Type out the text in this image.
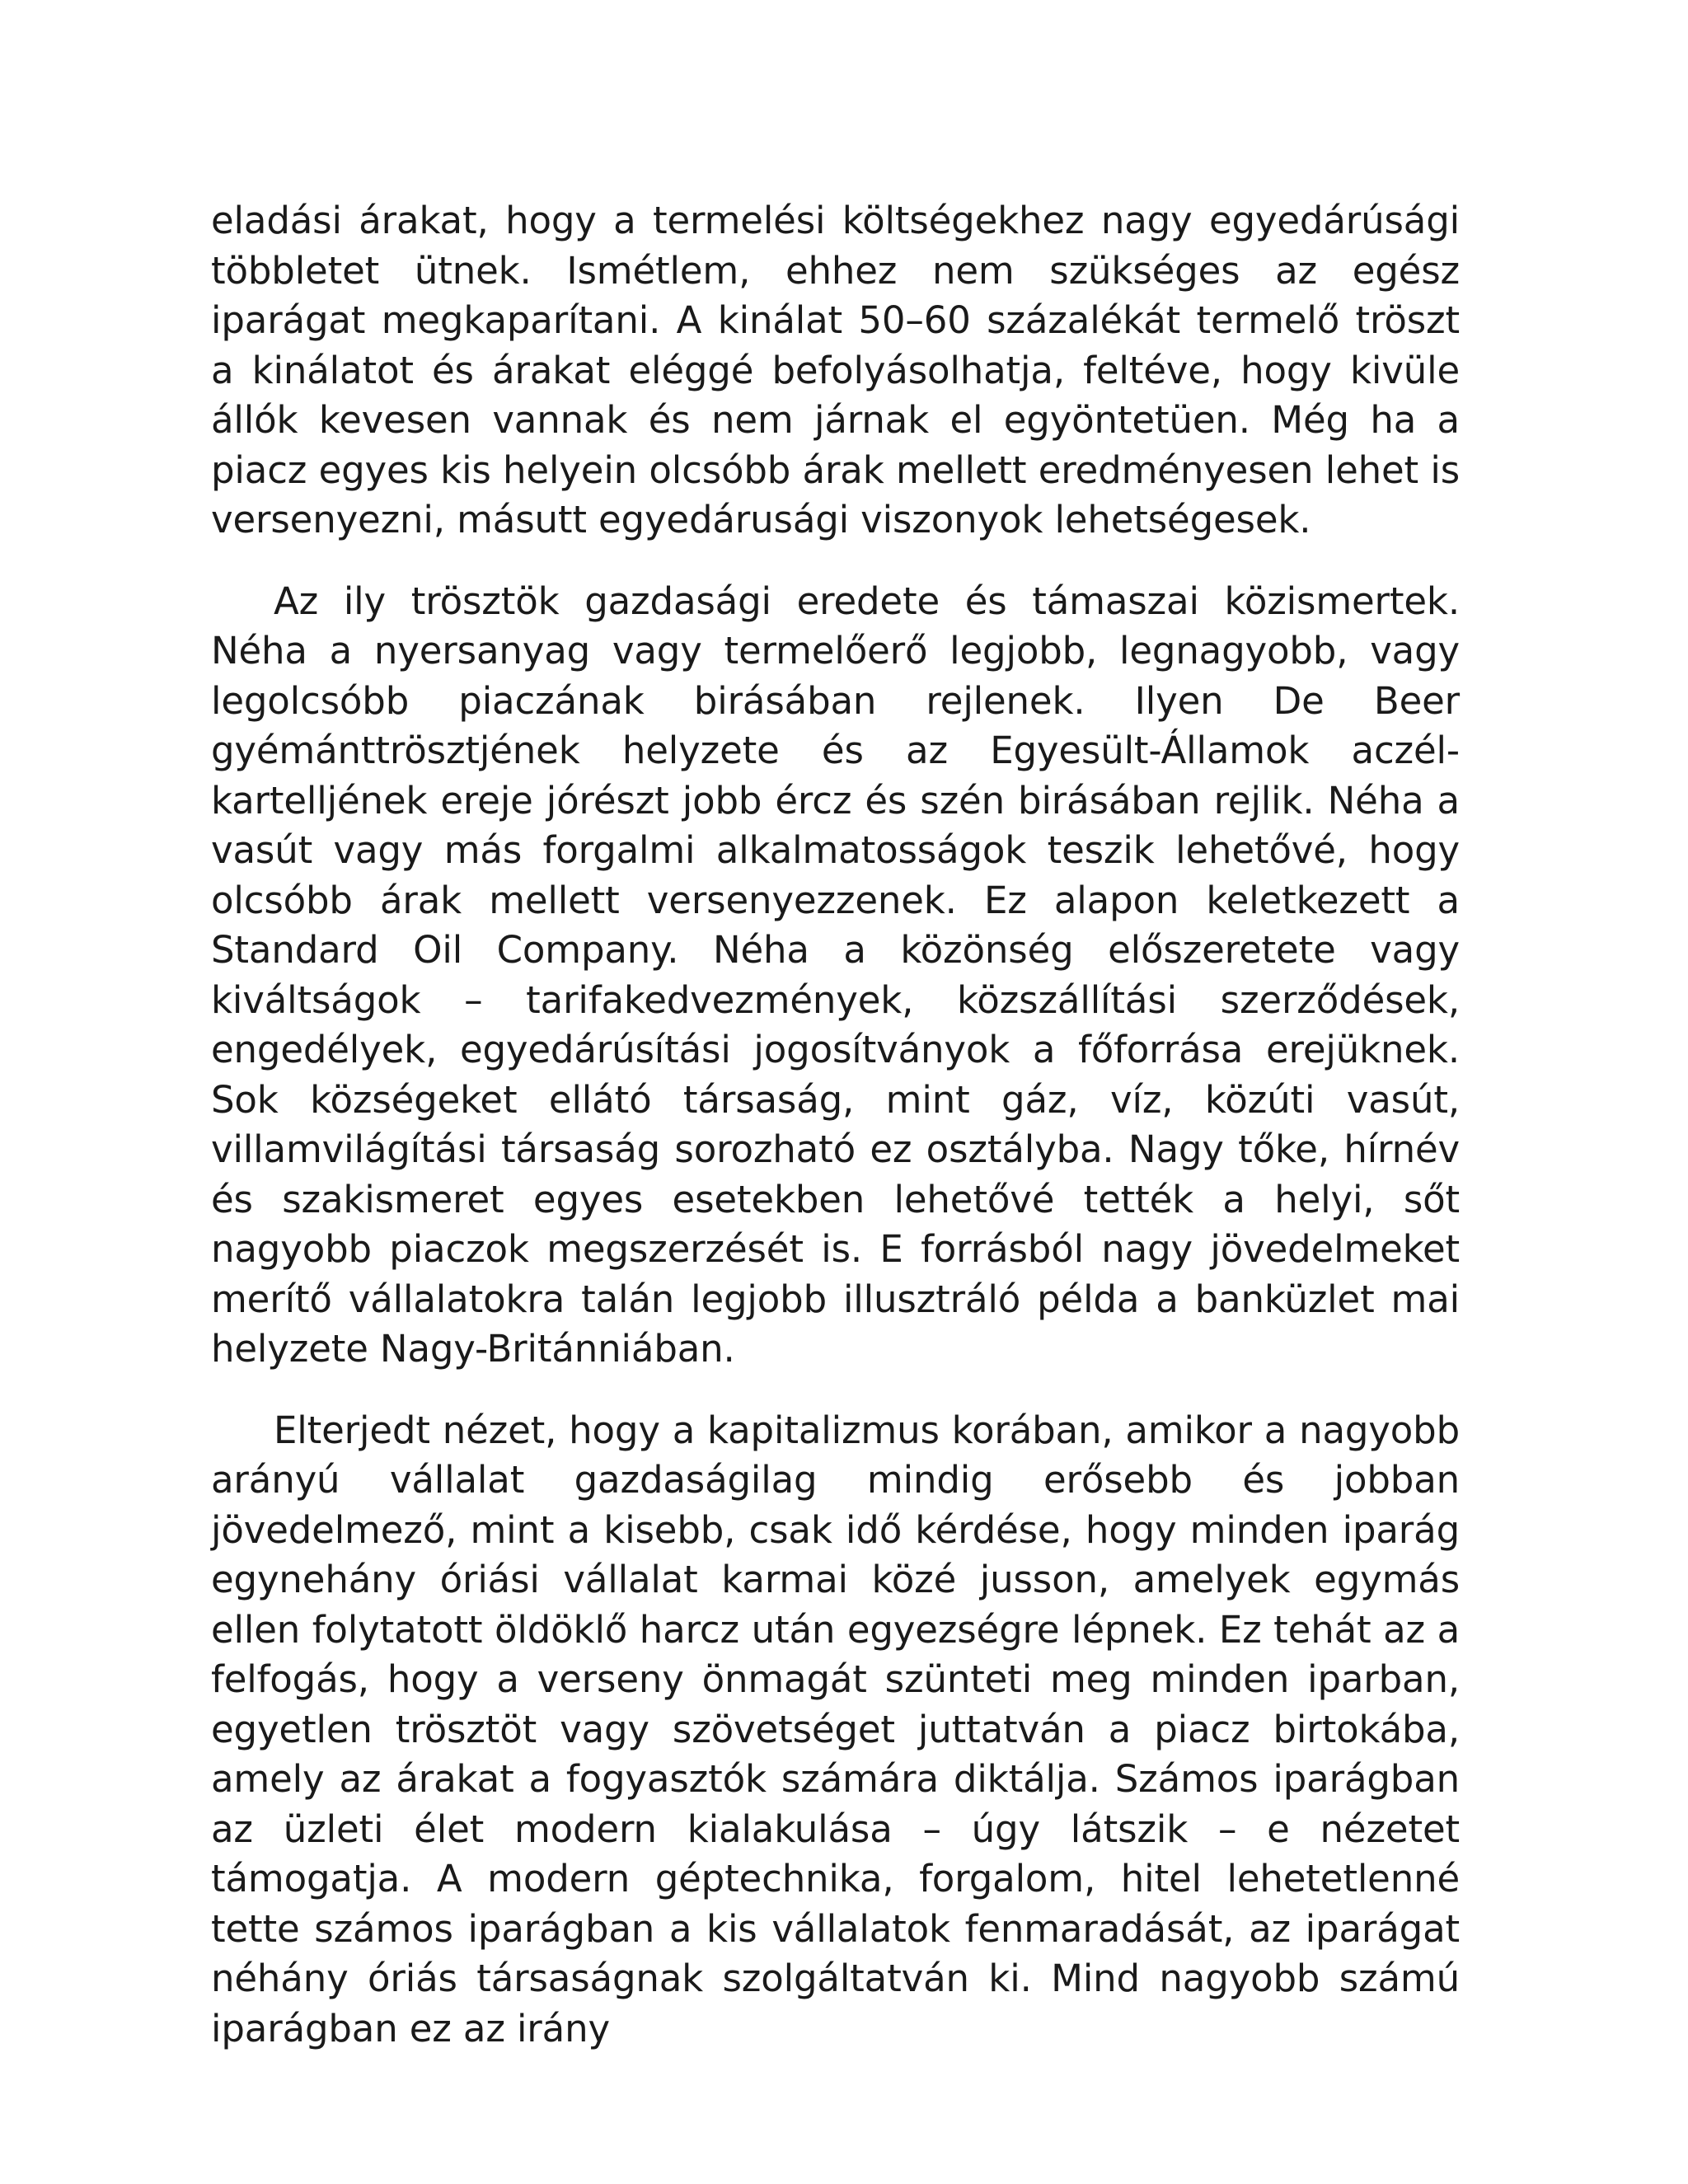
eladási árakat, hogy a termelési költségekhez nagy egyedárúsági többletet ütnek. Ismétlem, ehhez nem szükséges az egész iparágat megkaparítani. A kinálat 50–60 százalékát termelő tröszt a kinálatot és árakat eléggé befolyásolhatja, feltéve, hogy kivüle állók kevesen vannak és nem járnak el egyöntetüen. Még ha a piacz egyes kis helyein olcsóbb árak mellett eredményesen lehet is versenyezni, másutt egyedárusági viszonyok lehetségesek.

Az ily trösztök gazdasági eredete és támaszai közismertek. Néha a nyersanyag vagy termelőerő legjobb, legnagyobb, vagy legolcsóbb piaczának birásában rejlenek. Ilyen De Beer gyémánttrösztjének helyzete és az Egyesült-Államok aczél-kartelljének ereje jórészt jobb ércz és szén birásában rejlik. Néha a vasút vagy más forgalmi alkalmatosságok teszik lehetővé, hogy olcsóbb árak mellett versenyezzenek. Ez alapon keletkezett a Standard Oil Company. Néha a közönség előszeretete vagy kiváltságok – tarifakedvezmények, közszállítási szerződések, engedélyek, egyedárúsítási jogosítványok a főforrása erejüknek. Sok községeket ellátó társaság, mint gáz, víz, közúti vasút, villamvilágítási társaság sorozható ez osztályba. Nagy tőke, hírnév és szakismeret egyes esetekben lehetővé tették a helyi, sőt nagyobb piaczok megszerzését is. E forrásból nagy jövedelmeket merítő vállalatokra talán legjobb illusztráló példa a banküzlet mai helyzete Nagy-Británniában.

Elterjedt nézet, hogy a kapitalizmus korában, amikor a nagyobb arányú vállalat gazdaságilag mindig erősebb és jobban jövedelmező, mint a kisebb, csak idő kérdése, hogy minden iparág egynehány óriási vállalat karmai közé jusson, amelyek egymás ellen folytatott öldöklő harcz után egyezségre lépnek. Ez tehát az a felfogás, hogy a verseny önmagát szünteti meg minden iparban, egyetlen trösztöt vagy szövetséget juttatván a piacz birtokába, amely az árakat a fogyasztók számára diktálja. Számos iparágban az üzleti élet modern kialakulása – úgy látszik – e nézetet támogatja. A modern géptechnika, forgalom, hitel lehetetlenné tette számos iparágban a kis vállalatok fenmaradását, az iparágat néhány óriás társaságnak szolgáltatván ki. Mind nagyobb számú iparágban ez az irány
